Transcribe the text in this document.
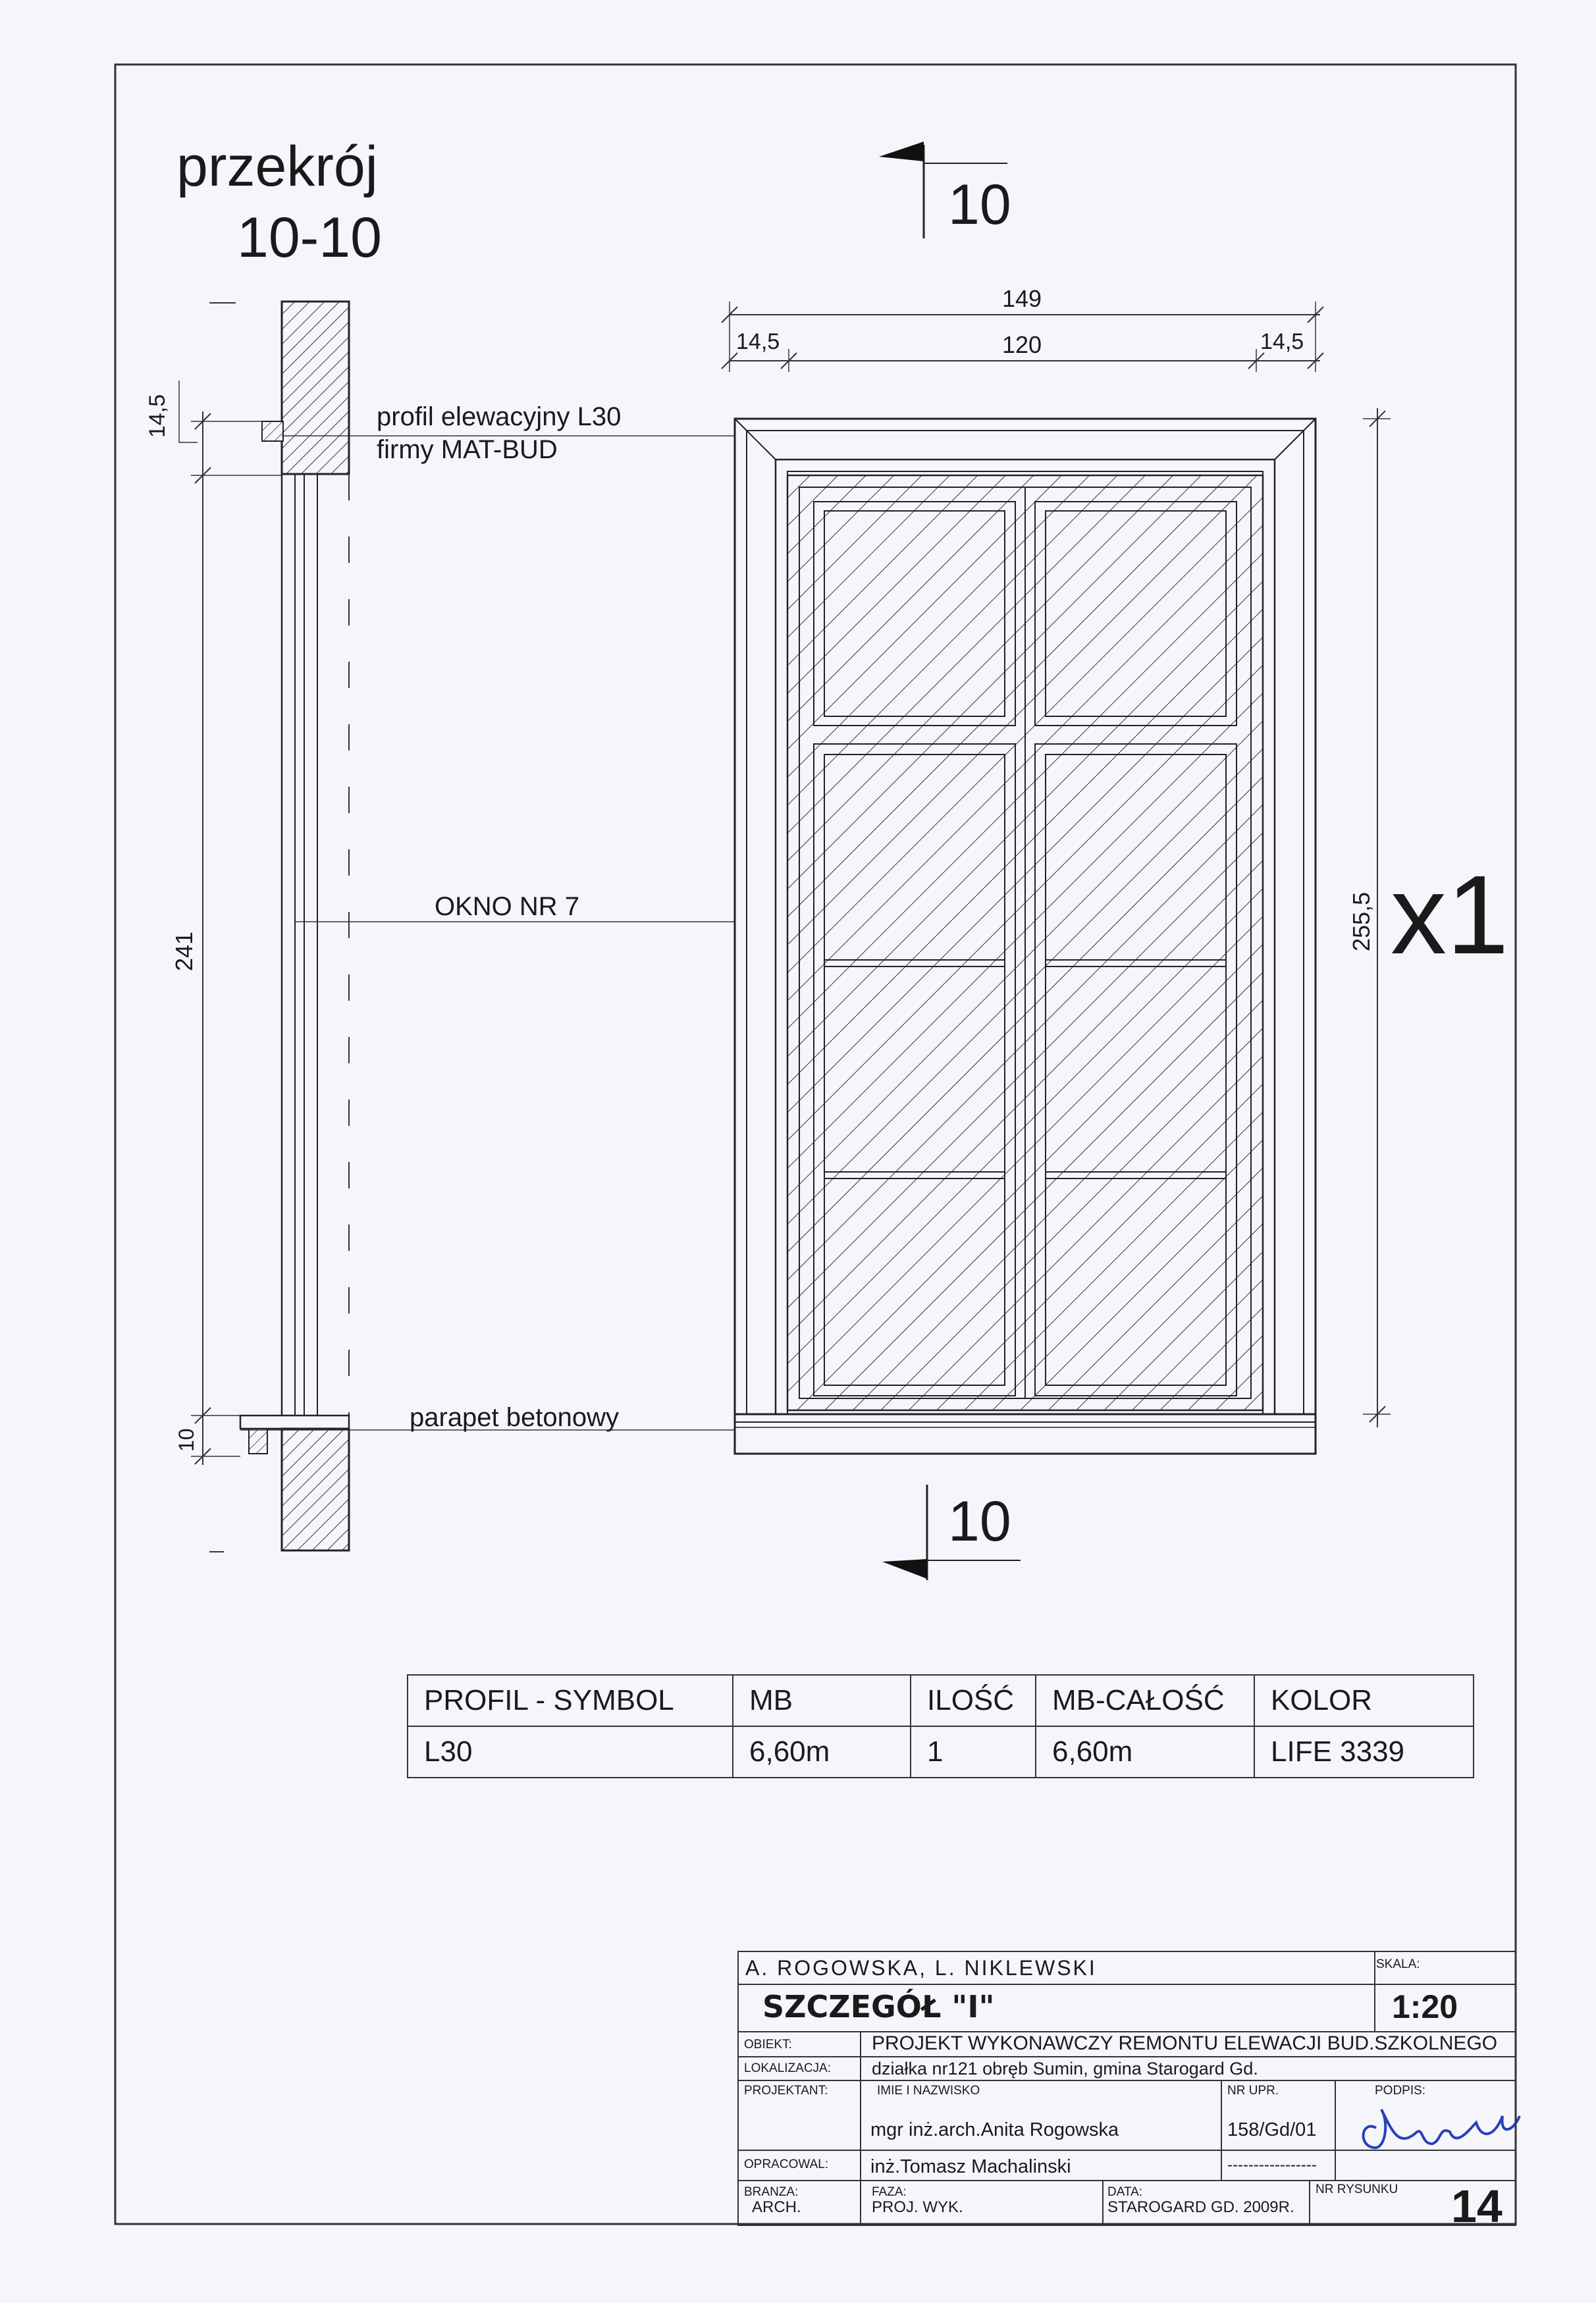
przekrój
10-10
10
10
14,5
241
10
profil elewacyjny L30
firmy MAT-BUD
OKNO NR 7
parapet betonowy
149
120
14,5	14,5
255,5 x1
PROFIL - SYMBOL	MB	ILOŚĆ	MB-CAŁOŚĆ	KOLOR
L30	6,60m	1	6,60m	LIFE 3339
A. ROGOWSKA, L. NIKLEWSKI	SKALA:
SZCZEGÓŁ "I"	1:20
OBIEKT:	PROJEKT WYKONAWCZY REMONTU ELEWACJI BUD.SZKOLNEGO
LOKALIZACJA: działka nr121 obręb Sumin, gmina Starogard Gd.
PROJEKTANT:	IMIE I NAZWISKO	NR UPR.	PODPIS:
mgr inż.arch.Anita Rogowska	158/Gd/01
OPRACOWAL: inż.Tomasz Machalinski	-----------------
BRANZA:
ARCH.
FAZA:
PROJ. WYK.
DATA:
STAROGARD GD. 2009R.
NR RYSUNKU 14
